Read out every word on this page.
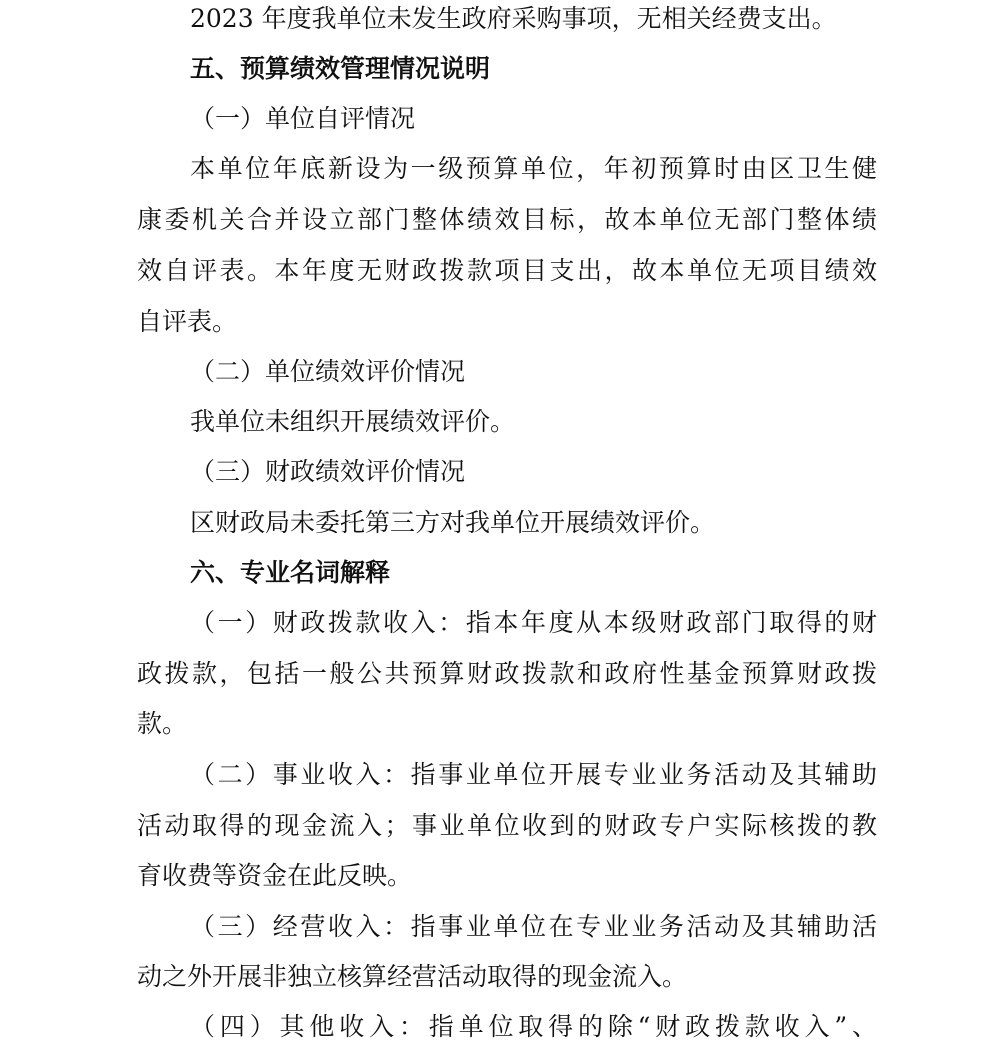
2023 年度我单位未发生政府采购事项，无相关经费支出。
五、预算绩效管理情况说明
（一）单位自评情况
本单位年底新设为一级预算单位，年初预算时由区卫生健
康委机关合并设立部门整体绩效目标，故本单位无部门整体绩
效自评表。本年度无财政拨款项目支出，故本单位无项目绩效
自评表。
（二）单位绩效评价情况
我单位未组织开展绩效评价。
（三）财政绩效评价情况
区财政局未委托第三方对我单位开展绩效评价。
六、专业名词解释
（一）财政拨款收入：指本年度从本级财政部门取得的财
政拨款，包括一般公共预算财政拨款和政府性基金预算财政拨
款。
（二）事业收入：指事业单位开展专业业务活动及其辅助
活动取得的现金流入；事业单位收到的财政专户实际核拨的教
育收费等资金在此反映。
（三）经营收入：指事业单位在专业业务活动及其辅助活
动之外开展非独立核算经营活动取得的现金流入。
（四）其他收入：指单位取得的除“财政拨款收入”、
